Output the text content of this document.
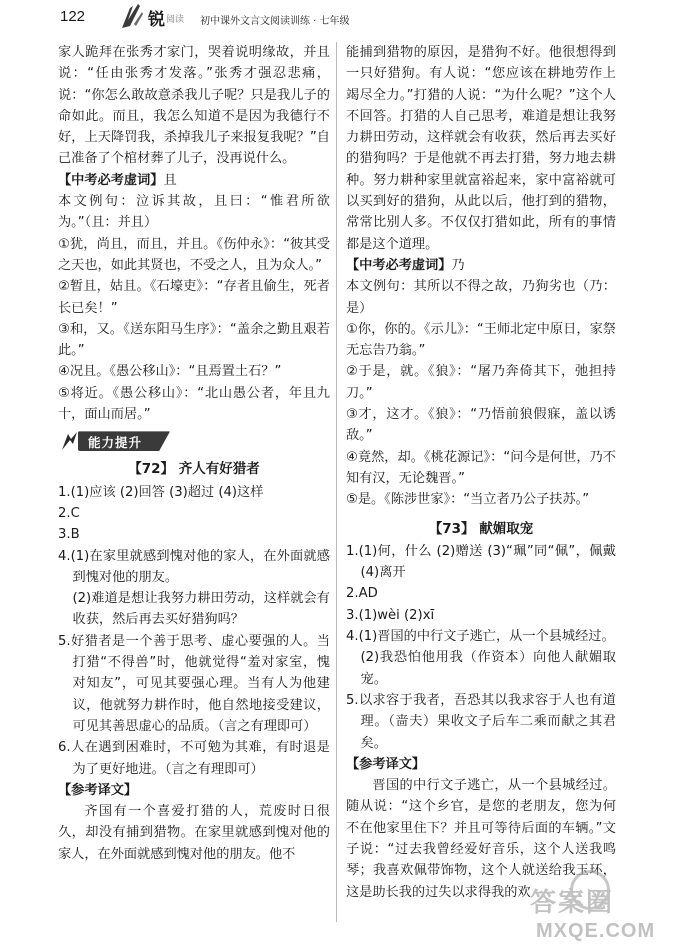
122	锐 阅读 初中课外文言文阅读训练 · 七年级

家人跪拜在张秀才家门，哭着说明缘故，并且说：“任由张秀才发落。”张秀才强忍悲痛，说：“你怎么敢故意杀我儿子呢？只是我儿子的命如此。而且，我怎么知道不是因为我德行不好，上天降罚我，杀掉我儿子来报复我呢？”自己准备了个棺材葬了儿子，没再说什么。

【中考必考虚词】且

本文例句：泣诉其故，且曰：“惟君所欲为。”（且：并且）

①犹，尚且，而且，并且。《伤仲永》：“彼其受之天也，如此其贤也，不受之人，且为众人。”

②暂且，姑且。《石壕吏》：“存者且偷生，死者长已矣！”

③和，又。《送东阳马生序》：“盖余之勤且艰若此。”

④况且。《愚公移山》：“且焉置土石？”

⑤将近。《愚公移山》：“北山愚公者，年且九十，面山而居。”

能力提升

【72】 齐人有好猎者

1.(1)应该 (2)回答 (3)超过 (4)这样

2.C

3.B

4.(1)在家里就感到愧对他的家人，在外面就感到愧对他的朋友。

(2)难道是想让我努力耕田劳动，这样就会有收获，然后再去买好猎狗吗？

5.好猎者是一个善于思考、虚心要强的人。当打猎“不得兽”时，他就觉得“羞对家室，愧对知友”，可见其要强心理。当有人为他建议，他就努力耕作时，他自然地接受建议，可见其善思虚心的品质。（言之有理即可）

6.人在遇到困难时，不可勉为其难，有时退是为了更好地进。（言之有理即可）

【参考译文】

齐国有一个喜爱打猎的人，荒废时日很久，却没有捕到猎物。在家里就感到愧对他的家人，在外面就感到愧对他的朋友。他不

能捕到猎物的原因，是猎狗不好。他很想得到一只好猎狗。有人说：“您应该在耕地劳作上竭尽全力。”打猎的人说：“为什么呢？”这个人不回答。打猎的人自己思考，难道是想让我努力耕田劳动，这样就会有收获，然后再去买好的猎狗吗？于是他就不再去打猎，努力地去耕种。努力耕种家里就富裕起来，家中富裕就可以买到好的猎狗，从此以后，他打到的猎物，常常比别人多。不仅仅打猎如此，所有的事情都是这个道理。

【中考必考虚词】乃

本文例句：其所以不得之故，乃狗劣也（乃：是）

①你，你的。《示儿》：“王师北定中原日，家祭无忘告乃翁。”

②于是，就。《狼》：“屠乃奔倚其下，弛担持刀。”

③才，这才。《狼》：“乃悟前狼假寐，盖以诱敌。”

④竟然，却。《桃花源记》：“问今是何世，乃不知有汉，无论魏晋。”

⑤是。《陈涉世家》：“当立者乃公子扶苏。”

【73】 献媚取宠

1.(1)何，什么 (2)赠送 (3)“珮”同“佩”，佩戴 (4)离开

2.AD

3.(1)wèi (2)xī

4.(1)晋国的中行文子逃亡，从一个县城经过。

(2)我恐怕他用我（作资本）向他人献媚取宠。

5.以求容于我者，吾恐其以我求容于人也有道理。（啬夫）果收文子后车二乘而献之其君矣。

【参考译文】

晋国的中行文子逃亡，从一个县城经过。随从说：“这个乡官，是您的老朋友，您为何不在他家里住下？并且可等待后面的车辆。”文子说：“过去我曾经爱好音乐，这个人送我鸣琴；我喜欢佩带饰物，这个人就送给我玉环，这是助长我的过失以求得我的欢 答案圈
MXQE.COM
